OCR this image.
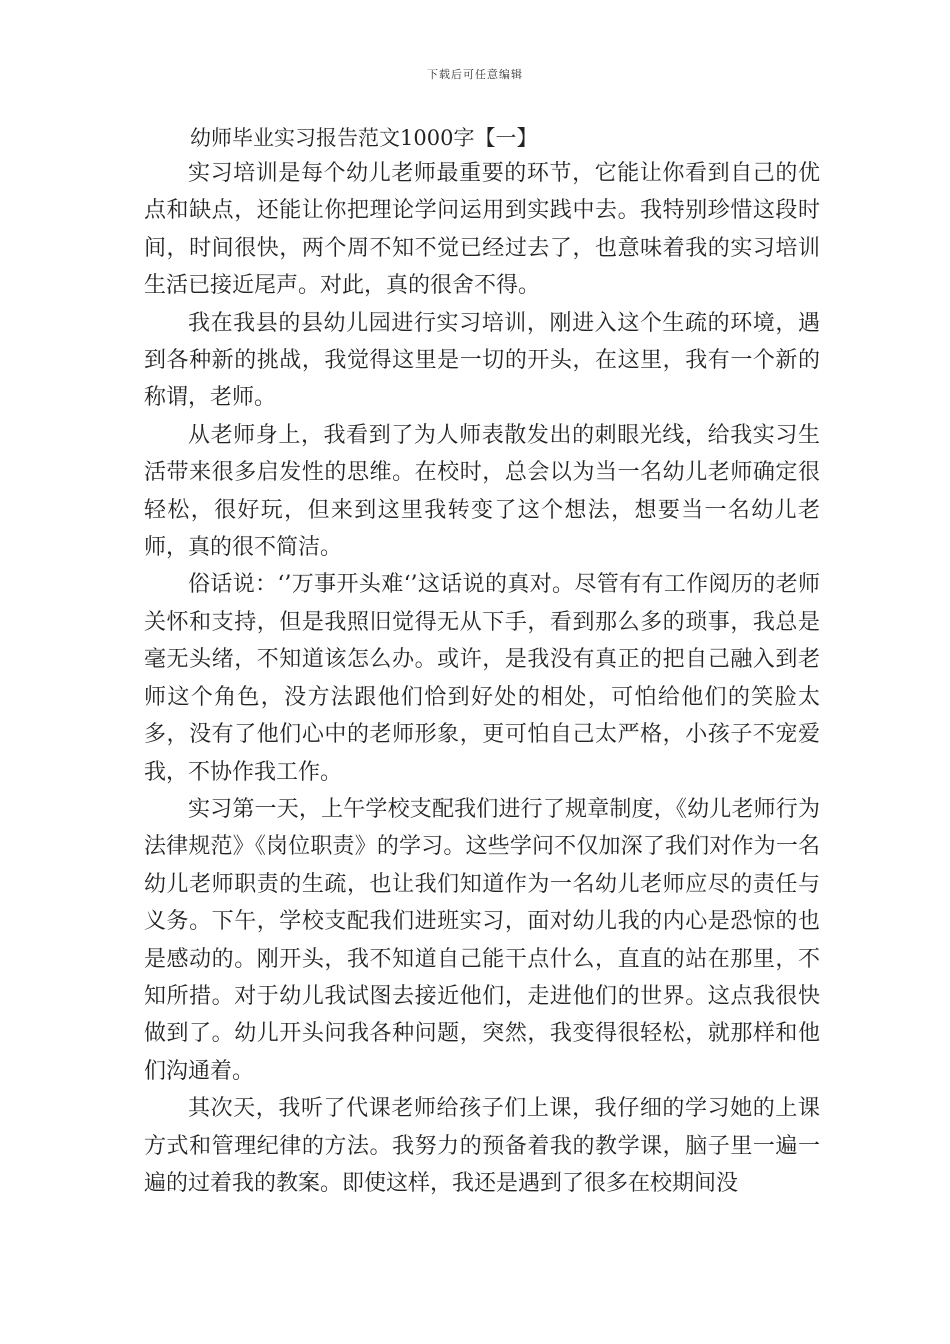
下载后可任意编辑
幼师毕业实习报告范文1000字【一】

实习培训是每个幼儿老师最重要的环节，它能让你看到自己的优点和缺点，还能让你把理论学问运用到实践中去。我特别珍惜这段时间，时间很快，两个周不知不觉已经过去了，也意味着我的实习培训生活已接近尾声。对此，真的很舍不得。

我在我县的县幼儿园进行实习培训，刚进入这个生疏的环境，遇到各种新的挑战，我觉得这里是一切的开头，在这里，我有一个新的称谓，老师。

从老师身上，我看到了为人师表散发出的刺眼光线，给我实习生活带来很多启发性的思维。在校时，总会以为当一名幼儿老师确定很轻松，很好玩，但来到这里我转变了这个想法，想要当一名幼儿老师，真的很不简洁。

俗话说：‘’万事开头难‘’这话说的真对。尽管有有工作阅历的老师关怀和支持，但是我照旧觉得无从下手，看到那么多的琐事，我总是毫无头绪，不知道该怎么办。或许，是我没有真正的把自己融入到老师这个角色，没方法跟他们恰到好处的相处，可怕给他们的笑脸太多，没有了他们心中的老师形象，更可怕自己太严格，小孩子不宠爱我，不协作我工作。

实习第一天，上午学校支配我们进行了规章制度，《幼儿老师行为法律规范》《岗位职责》的学习。这些学问不仅加深了我们对作为一名幼儿老师职责的生疏，也让我们知道作为一名幼儿老师应尽的责任与义务。下午，学校支配我们进班实习，面对幼儿我的内心是恐惊的也是感动的。刚开头，我不知道自己能干点什么，直直的站在那里，不知所措。对于幼儿我试图去接近他们，走进他们的世界。这点我很快做到了。幼儿开头问我各种问题，突然，我变得很轻松，就那样和他们沟通着。

其次天，我听了代课老师给孩子们上课，我仔细的学习她的上课方式和管理纪律的方法。我努力的预备着我的教学课，脑子里一遍一遍的过着我的教案。即使这样，我还是遇到了很多在校期间没
